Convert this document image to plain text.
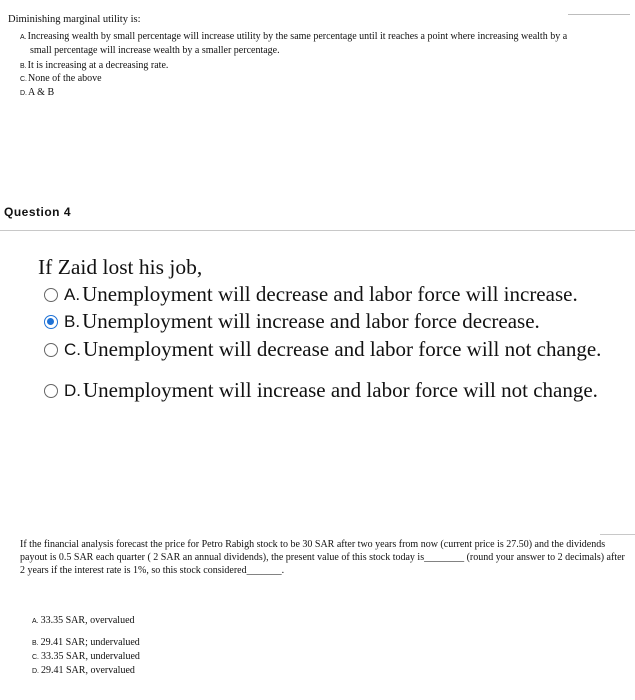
Diminishing marginal utility is:
A.Increasing wealth by small percentage will increase utility by the same percentage until it reaches a point where increasing wealth by a
small percentage will increase wealth by a smaller percentage.
B.It is increasing at a decreasing rate.
C.None of the above
D.A & B
Question 4
If Zaid lost his job,
A. Unemployment will decrease and labor force will increase.
B. Unemployment will increase and labor force decrease.
C. Unemployment will decrease and labor force will not change.
D. Unemployment will increase and labor force will not change.
If the financial analysis forecast the price for Petro Rabigh stock to be 30 SAR after two years from now (current price is 27.50) and the dividends payout is 0.5 SAR each quarter ( 2 SAR an annual dividends), the present value of this stock today is________ (round your answer to 2 decimals) after 2 years if the interest rate is 1%, so this stock considered_______.
A. 33.35 SAR, overvalued
B. 29.41 SAR; undervalued
C. 33.35 SAR, undervalued
D. 29.41 SAR, overvalued
